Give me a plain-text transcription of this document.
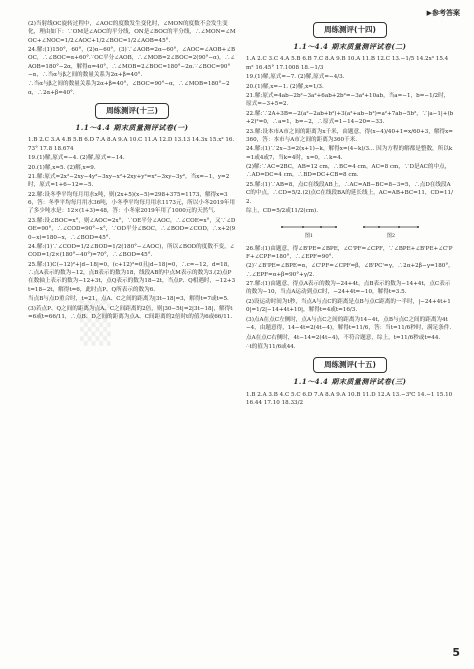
▶参考答案
▒

(2)当射线OC旋转过程中，∠AOC的度数发生变化时，∠MON的度数不会发生变化，理由如下：∵OM是∠AOC的平分线，ON是∠BOC的平分线，∴∠MON=∠MOC+∠NOC=1/2∠AOC+1/2∠BOC=1/2∠AOB=45°.

24.解:(1)150°，60°，(2)α−60°，(3)∵∠AOB=2α−60°，∠AOC=∠AOB+∠BOC，∴∠BOC=α+60°.∵OC平分∠AOB，∴∠MOB=2∠BOC=2(90°−α)，∴∠AOB=180°−2α，解得α=40°，∴∠MOB=2∠BOC=180°−2α.∵∠BOC=90°−α，∴当α与β之间的数量关系为2α+β=40°.

∴当α与β之间的数量关系为2α+β=40°，∠BOC=90°−α，∴∠MOB=180°−2α，∴2α+β=40°.

周练测评(十三)
1.1～4.4 期末质量测评试卷(一)

1.B 2.C 3.A 4.B 5.B 6.D 7.A 8.A 9.A 10.C 11.A 12.D 13.13 14.3x 15.x² 16.73° 17.8 18.674

19.(1)解,原式=−4. (2)解,原式=−14.

20.(1)解,x=5. (2)解,x=9.

21.解:原式=2x²−2xy−4y²−3xy−x²+2xy+y²=x²−3xy−3y²，当x=−1，y=2时，原式=1+6−12=−5.

22.解:设冬季平均每月用水x吨，则(2x+5)(x−5)=298+375=1173，解得x=36，答：冬季平均每月用水36吨，小冬季平均每月用水1173元，所以小冬2019年用了多少吨水是：12×(1+3)=48，答：小冬家2019年用了1000元的天然气.

23.解:设∠BOC=x°，则∠AOC=2x°，∵OE平分∠AOC，∴∠COE=x°，又∵∠DOE=90°，∴∠COD=90°−x°，∵OD平分∠BOC，∴∠BOD=∠COD，∴x+2(90−x)=180−x，∴∠BOD=45°.

24.解:(1)∵∠COD=1/2∠BOD=1/2(180°−∠AOC)，所以∠BOD的度数不变，∠COD=1/2×(180°−40°)=70°，∴∠BOD=45°.

25.解:(1)C(−12)²+|d−18|=0，(c+12)²=0且|d−18|=0，∴c=−12，d=18，∴点A表示的数为−12，点B表示的数为18，线段AB的中点M表示的数为3.(2)点P在数轴上表示的数为−12+3t，点Q表示的数为18−2t，当点P、Q相遇时，−12+3t=18−2t，解得t=6，此时点P、Q所表示的数为6.

当点B与点D重合时，t=21，点A、C之间的距离为|3t−18|=3，解得t=7或t=5.

(3)若点P、Q之间的距离为点A、C之间距离的2倍，则|30−5t|=2|3t−18|，解得t=6或t=66/11，∴点B、D之间的距离为点A、C间距离的2倍时t的值为6或66/11.

周练测评(十四)
1.1～4.4 期末质量测评试卷(二)

1.A 2.C 3.C 4.A 5.B 6.B 7.C 8.A 9.B 10.A 11.B 12.C 13.−1/5 14.2x³ 15.4 m² 16.45° 17.1008 18.−1/3

19.(1)解,原式=−7. (2)解,原式=−4/3.

20.(1)解,x=−1. (2)解,x=1/3.

21.解:原式=4ab−2b²−3a²+6ab+2b²=−3a²+10ab，当a=−1，b=−1/2时，原式=−3+5=2.

22.解:∵2A+3B=−2(a²−2ab+b²)+3(a²+ab−b²)=a²+7ab−5b²，∵|a−1|+(b+2)²=0，∴a=1，b=−2，∴原式=1−14−20=−33.

23.解:设本市A市之间的距离为x千米，由题意，得(x−4)/40+1=x/60+3，解得x=360，答：本市与A市之间的距离为360千米.

24.解:(1)∵2x−3=2(x+1)−k，解得x=(4−k)/3... 因为方程的解都是整数，所以k=1或4或7，当k=4时，x=0，∴k=4.

(2)解:∵AC=2BC，AB=12 cm，∴BC=4 cm，AC=8 cm，∵D是AC的中点，∴AD=DC=4 cm，∴BD=DC+CB=8 cm.

25.解:(1)∵AB=8，点C在线段AB上，∴AC=AB−BC=8−3=5，∴点D在线段AC的中点，∴CD=5/2.(2)点C在线段BA的延长线上，AC=AB+BC=11，CD=11/2.

综上，CD=5/2或11/2(cm).

图1	图2

26.解:(1)由题意，得∠B'PE=∠BPE，∠C'PF=∠CPF，∵∠BPE+∠B'PE+∠C'PF+∠CPF=180°，∴∠EPF=90°.

(2)∵∠B'PE=∠BPE=α，∠C'PF=∠CPF=β，∠B'PC'=γ，∴2α+2β−γ=180°，∴∠EPF=α+β=90°+γ/2.

27.解:(1)由题意，得点A表示的数为−24+4t，点B表示的数为−14+4t，点C表示的数为−10，当点A运动到点C时，−24+4t=−10，解得t=3.5.

(2)设运动时间为t秒，当点A与点C的距离是点B与点C距离的一半时，|−24+4t+10|=1/2|−14+4t+10|，解得t=4或t=16/3.

(3)点A在点C左侧时，点A与点C之间的距离为14−4t，点B与点C之间的距离为4t−4，由题意得，14−4t=2(4t−4)，解得t=11/6，答：当t=11/6秒时，满足条件.

点A在点C右侧时，4t−14=2(4t−4)，不符合题意，综上，t=11/6秒或t=44.

∴t的值为11/6或44.

周练测评(十五)
1.1～4.4 期末质量测评试卷(三)

1.B 2.A 3.B 4.C 5.C 6.D 7.A 8.A 9.A 10.B 11.D 12.A 13.−3℃ 14.−1 15.10 16.44 17.10 18.33/2

5
